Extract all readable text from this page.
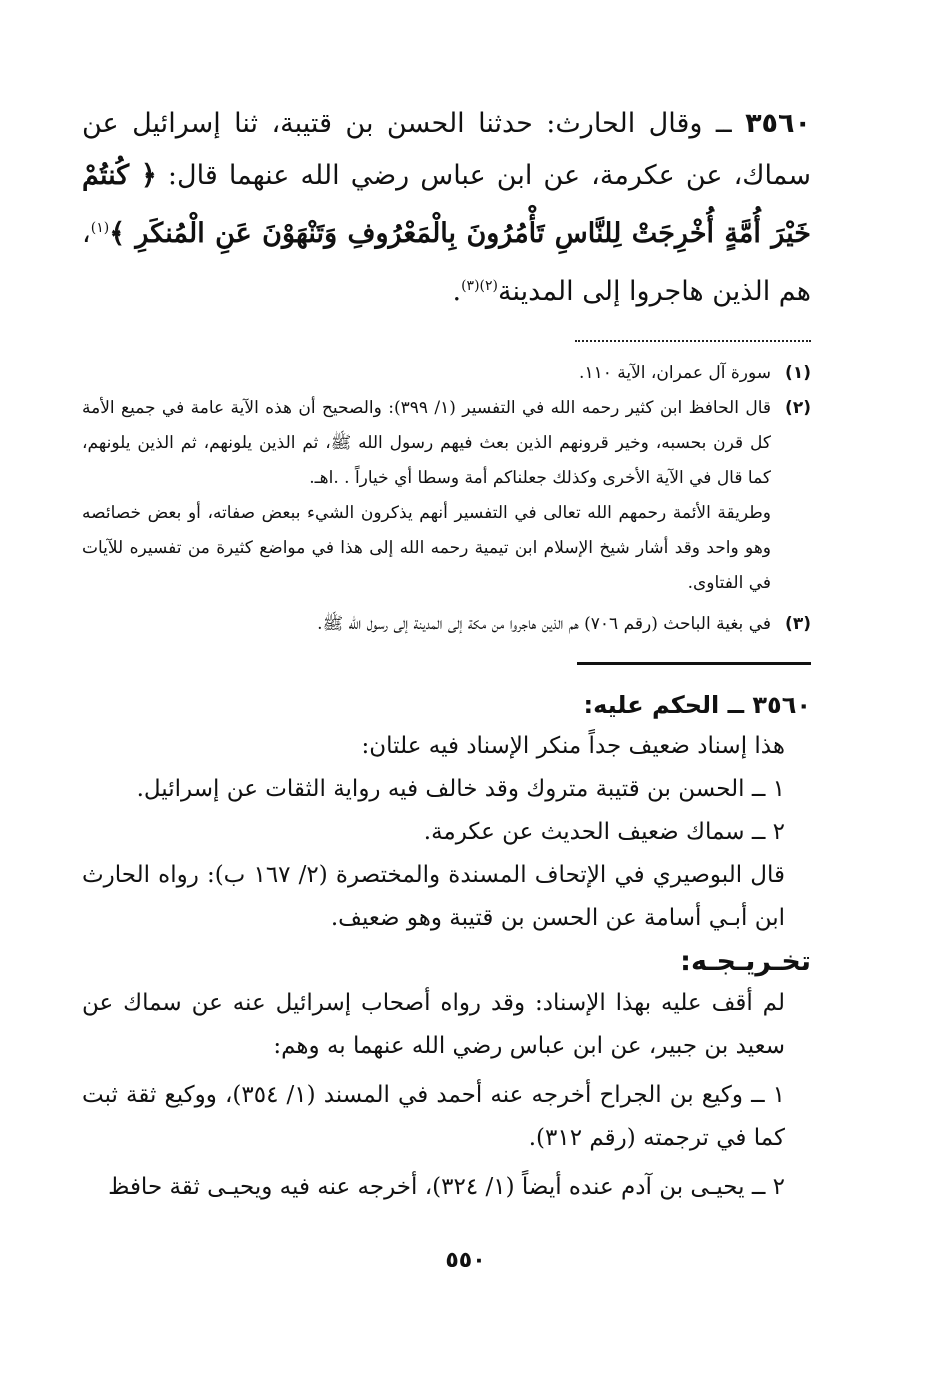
٣٥٦٠ ــ وقال الحارث: حدثنا الحسن بن قتيبة، ثنا إسرائيل عن سماك، عن عكرمة، عن ابن عباس رضي الله عنهما قال: ﴿ كُنتُمْ خَيْرَ أُمَّةٍ أُخْرِجَتْ لِلنَّاسِ تَأْمُرُونَ بِالْمَعْرُوفِ وَتَنْهَوْنَ عَنِ الْمُنكَرِ ﴾$^{(١)}$، هم الذين هاجروا إلى المدينة$^{(٢)(٣)}$.

(١)

سورة آل عمران، الآية ١١٠.

(٢)

قال الحافظ ابن كثير رحمه الله في التفسير (١/ ٣٩٩): والصحيح أن هذه الآية عامة في جميع الأمة كل قرن بحسبه، وخير قرونهم الذين بعث فيهم رسول الله ﷺ، ثم الذين يلونهم، ثم الذين يلونهم، كما قال في الآية الأخرى وكذلك جعلناكم أمة وسطا أي خياراً . .اهـ.

وطريقة الأئمة رحمهم الله تعالى في التفسير أنهم يذكرون الشيء ببعض صفاته، أو بعض خصائصه وهو واحد وقد أشار شيخ الإسلام ابن تيمية رحمه الله إلى هذا في مواضع كثيرة من تفسيره للآيات في الفتاوى.

(٣)

في بغية الباحث (رقم ٧٠٦) هم الذين هاجروا من مكة إلى المدينة إلى رسول الله ﷺ.

٣٥٦٠ ــ الحكم عليه:

هذا إسناد ضعيف جداً منكر الإسناد فيه علتان:

١ ــ الحسن بن قتيبة متروك وقد خالف فيه رواية الثقات عن إسرائيل.

٢ ــ سماك ضعيف الحديث عن عكرمة.

قال البوصيري في الإتحاف المسندة والمختصرة (٢/ ١٦٧ ب): رواه الحارث ابن أبـي أسامة عن الحسن بن قتيبة وهو ضعيف.

تخـريـجـه:

لم أقف عليه بهذا الإسناد: وقد رواه أصحاب إسرائيل عنه عن سماك عن سعيد بن جبير، عن ابن عباس رضي الله عنهما به وهم:

١ ــ وكيع بن الجراح أخرجه عنه أحمد في المسند (١/ ٣٥٤)، ووكيع ثقة ثبت كما في ترجمته (رقم ٣١٢).

٢ ــ يحيـى بن آدم عنده أيضاً (١/ ٣٢٤)، أخرجه عنه فيه ويحيـى ثقة حافظ

٥٥٠
